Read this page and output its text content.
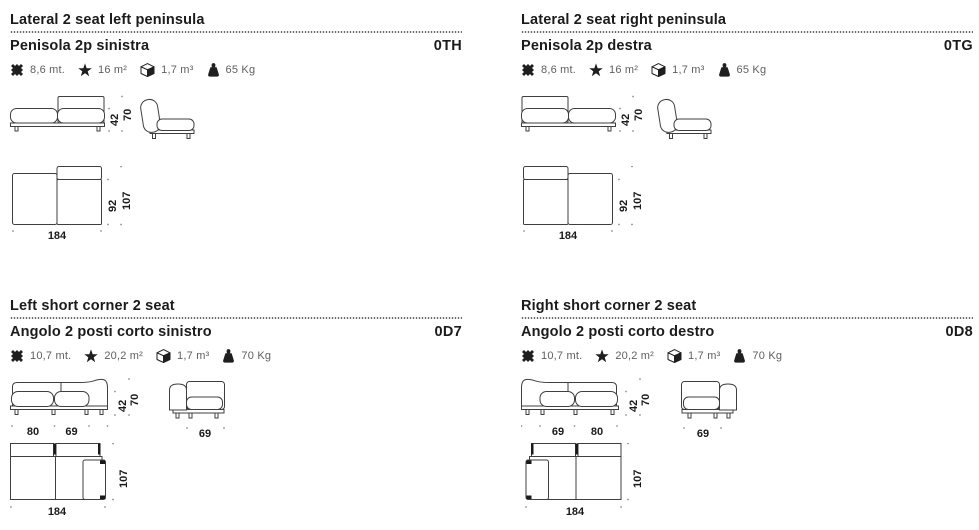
Lateral 2 seat left peninsula
Penisola 2p sinistra	0TH
8,6 mt.	16 m²	1,7 m³	65 Kg
42 70
92 107
184
Lateral 2 seat right peninsula
Penisola 2p destra	0TG
8,6 mt.	16 m²	1,7 m³	65 Kg
42 70
92 107
184
Left short corner 2 seat
Angolo 2 posti corto sinistro	0D7
10,7 mt.	20,2 m²	1,7 m³	70 Kg
80 69
42 70
69
107
184
Right short corner 2 seat
Angolo 2 posti corto destro	0D8
10,7 mt.	20,2 m²	1,7 m³	70 Kg
69 80
42 70
69
107
184
